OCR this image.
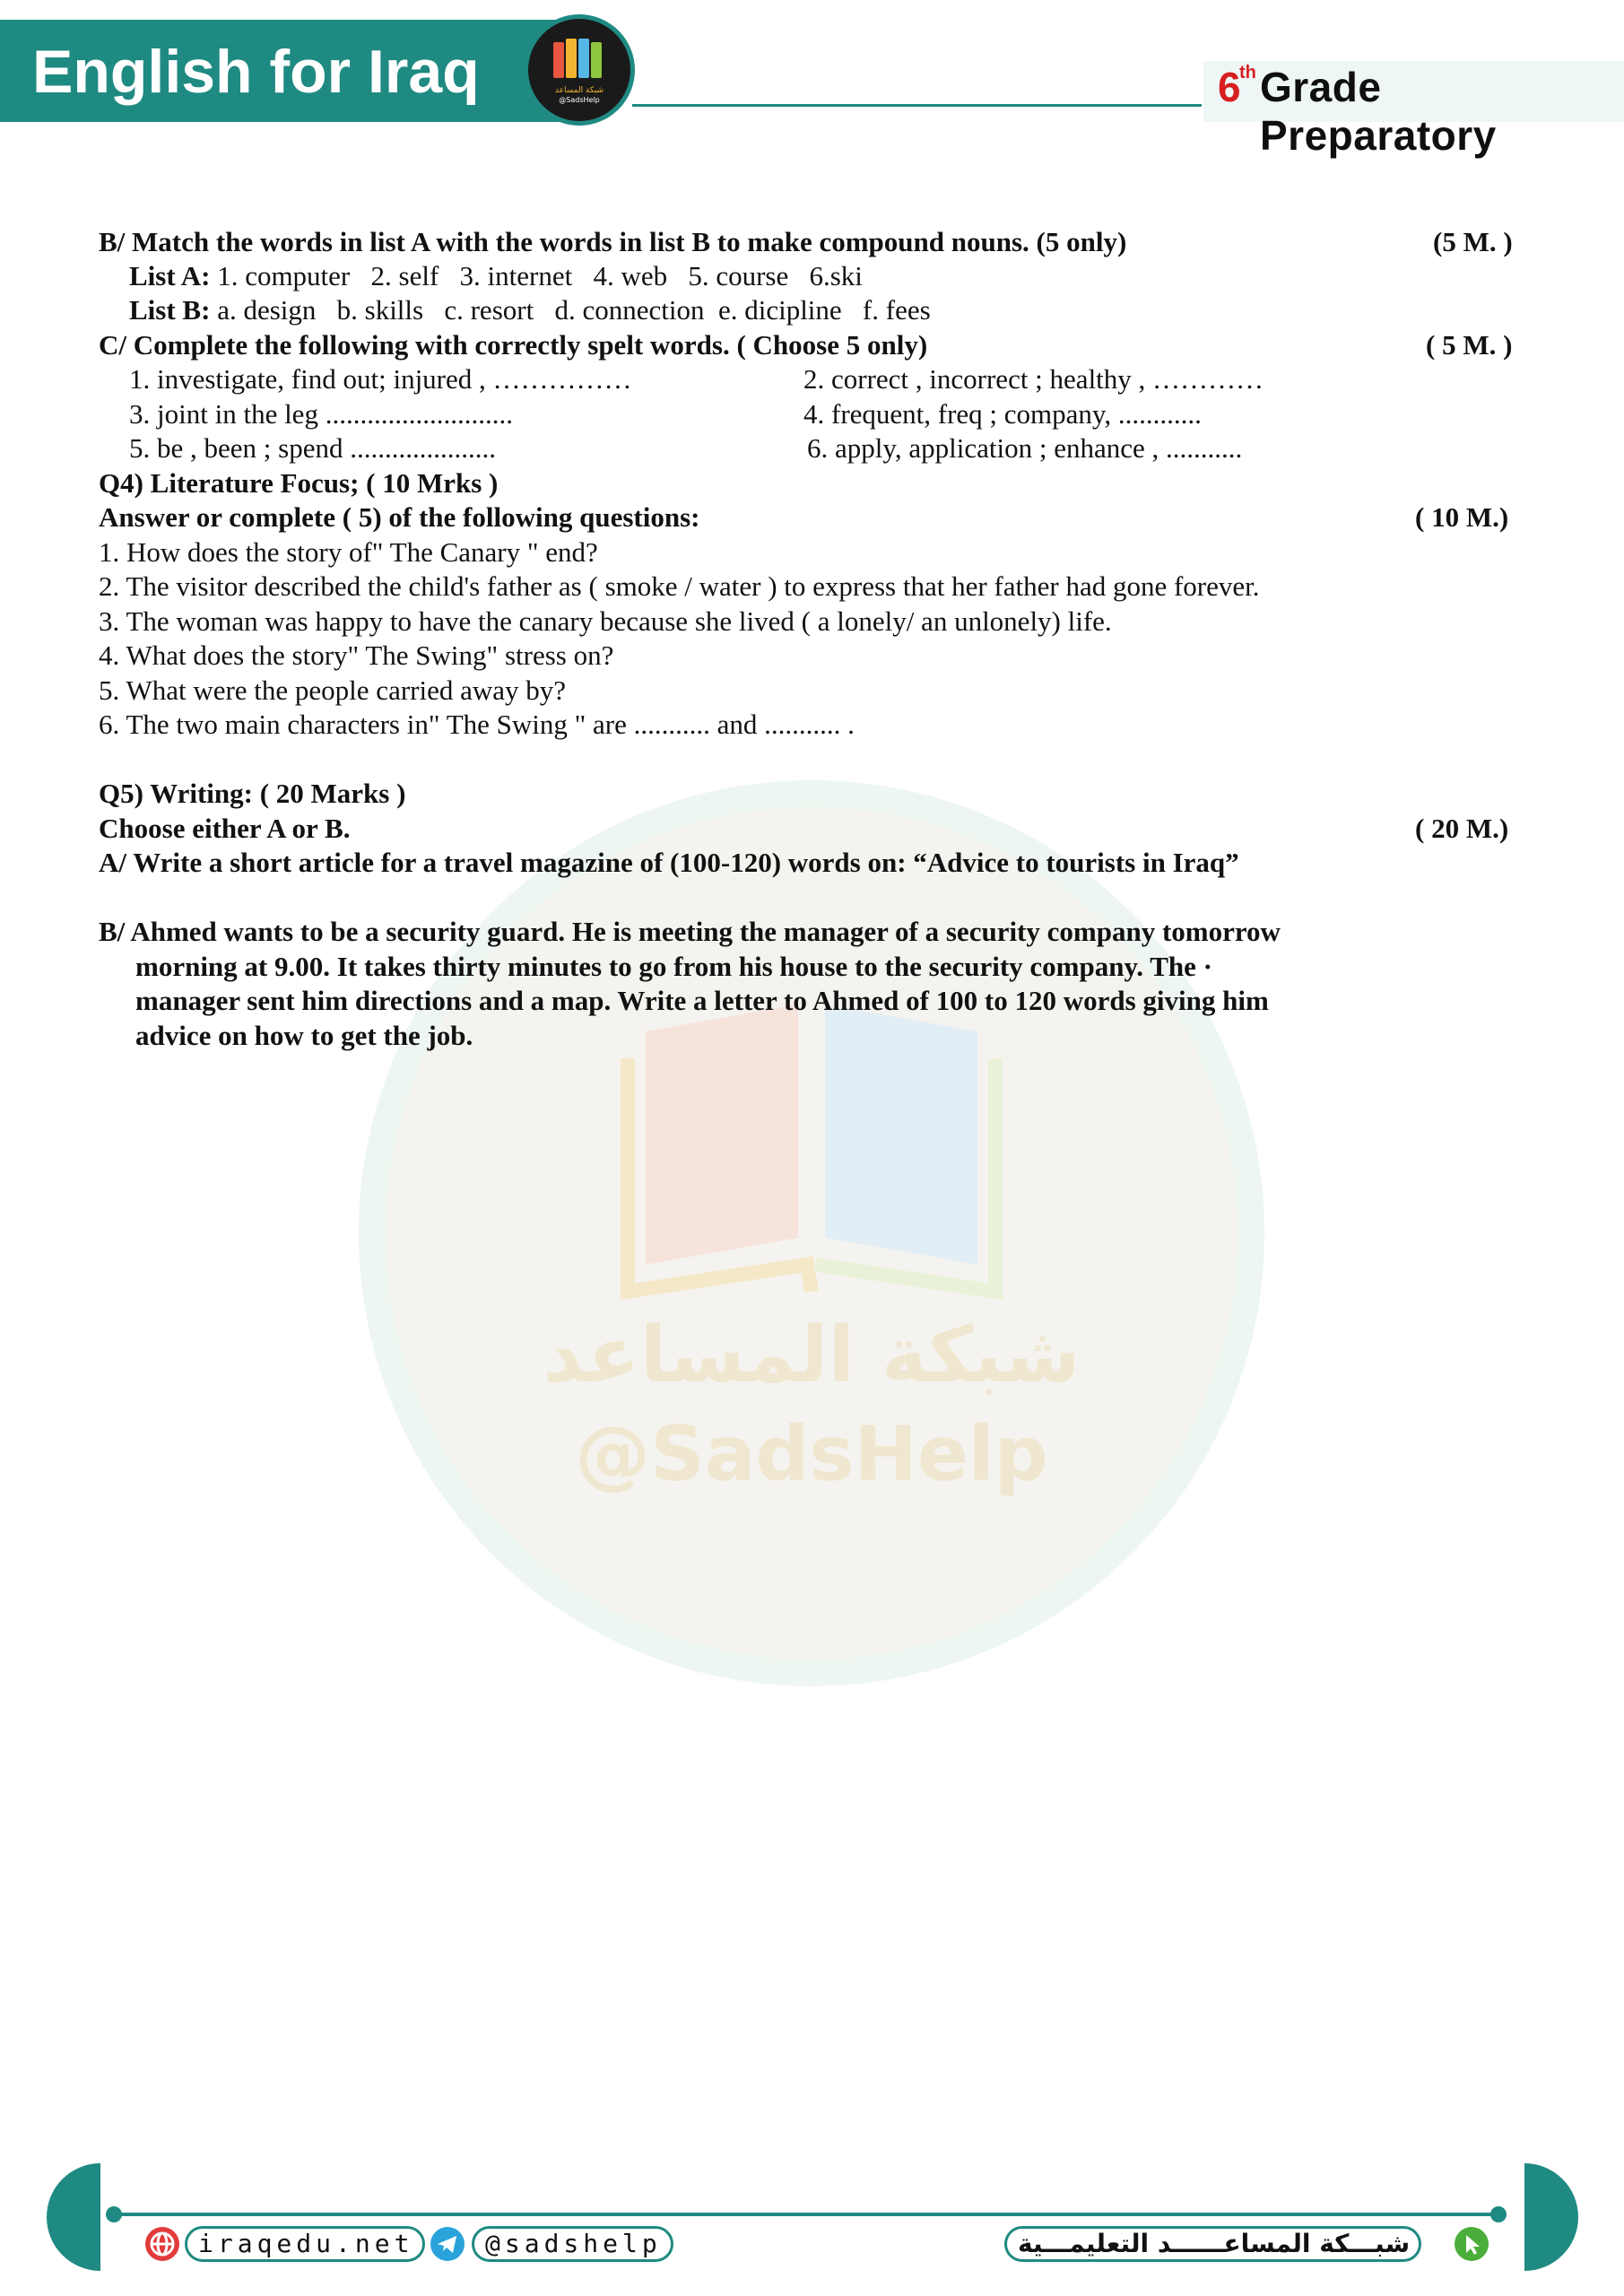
English for Iraq	شبكة المساعد
@SadsHelp	6
th Grade Preparatory
شبكة المساعد
@SadsHelp
B/ Match the words in list A with the words in list B to make compound nouns. (5 only)	(5 M. )
List A: 1. computer   2. self   3. internet   4. web   5. course   6.ski
List B: a. design   b. skills   c. resort   d. connection  e. dicipline   f. fees
C/ Complete the following with correctly spelt words. ( Choose 5 only)	( 5 M. )
1. investigate, find out; injured , ……………	2. correct , incorrect ; healthy , …………
3. joint in the leg ...........................	4. frequent, freq ; company, ............
5. be , been ; spend .....................	6. apply, application ; enhance , ...........
Q4) Literature Focus; ( 10 Mrks )
Answer or complete ( 5) of the following questions:	( 10 M.)
1. How does the story of" The Canary " end?
2. The visitor described the child's father as ( smoke / water ) to express that her father had gone forever.
3. The woman was happy to have the canary because she lived ( a lonely/ an unlonely) life.
4. What does the story" The Swing" stress on?
5. What were the people carried away by?
6. The two main characters in" The Swing " are ........... and ........... .
Q5) Writing: ( 20 Marks )
Choose either A or B.	( 20 M.)
A/ Write a short article for a travel magazine of (100-120) words on: “Advice to tourists in Iraq”
B/ Ahmed wants to be a security guard. He is meeting the manager of a security company tomorrow
morning at 9.00. It takes thirty minutes to go from his house to the security company. The ·
manager sent him directions and a map. Write a letter to Ahmed of 100 to 120 words giving him
advice on how to get the job.
iraqedu.net	@sadshelp	شبـــكة المساعــــــد التعليمـــية
